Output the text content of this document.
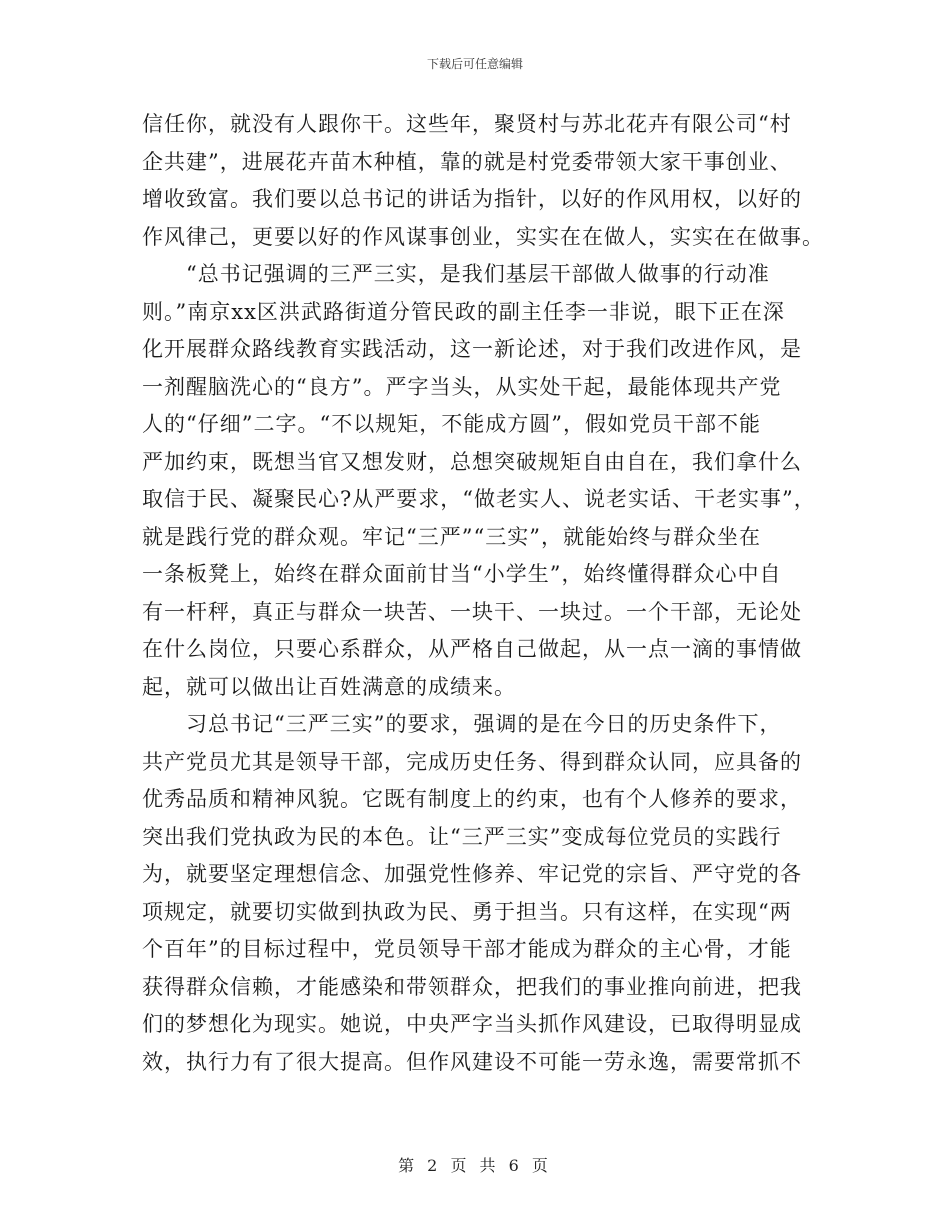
下载后可任意编辑
信任你，就没有人跟你干。这些年，聚贤村与苏北花卉有限公司“村
企共建”，进展花卉苗木种植，靠的就是村党委带领大家干事创业、
增收致富。我们要以总书记的讲话为指针，以好的作风用权，以好的
作风律己，更要以好的作风谋事创业，实实在在做人，实实在在做事。
“总书记强调的三严三实，是我们基层干部做人做事的行动准
则。”南京xx区洪武路街道分管民政的副主任李一非说，眼下正在深
化开展群众路线教育实践活动，这一新论述，对于我们改进作风，是
一剂醒脑洗心的“良方”。严字当头，从实处干起，最能体现共产党
人的“仔细”二字。“不以规矩，不能成方圆”，假如党员干部不能
严加约束，既想当官又想发财，总想突破规矩自由自在，我们拿什么
取信于民、凝聚民心?从严要求，“做老实人、说老实话、干老实事”，
就是践行党的群众观。牢记“三严”“三实”，就能始终与群众坐在
一条板凳上，始终在群众面前甘当“小学生”，始终懂得群众心中自
有一杆秤，真正与群众一块苦、一块干、一块过。一个干部，无论处
在什么岗位，只要心系群众，从严格自己做起，从一点一滴的事情做
起，就可以做出让百姓满意的成绩来。
习总书记“三严三实”的要求，强调的是在今日的历史条件下，
共产党员尤其是领导干部，完成历史任务、得到群众认同，应具备的
优秀品质和精神风貌。它既有制度上的约束，也有个人修养的要求，
突出我们党执政为民的本色。让“三严三实”变成每位党员的实践行
为，就要坚定理想信念、加强党性修养、牢记党的宗旨、严守党的各
项规定，就要切实做到执政为民、勇于担当。只有这样，在实现“两
个百年”的目标过程中，党员领导干部才能成为群众的主心骨，才能
获得群众信赖，才能感染和带领群众，把我们的事业推向前进，把我
们的梦想化为现实。她说，中央严字当头抓作风建设，已取得明显成
效，执行力有了很大提高。但作风建设不可能一劳永逸，需要常抓不
第 2 页 共 6 页
